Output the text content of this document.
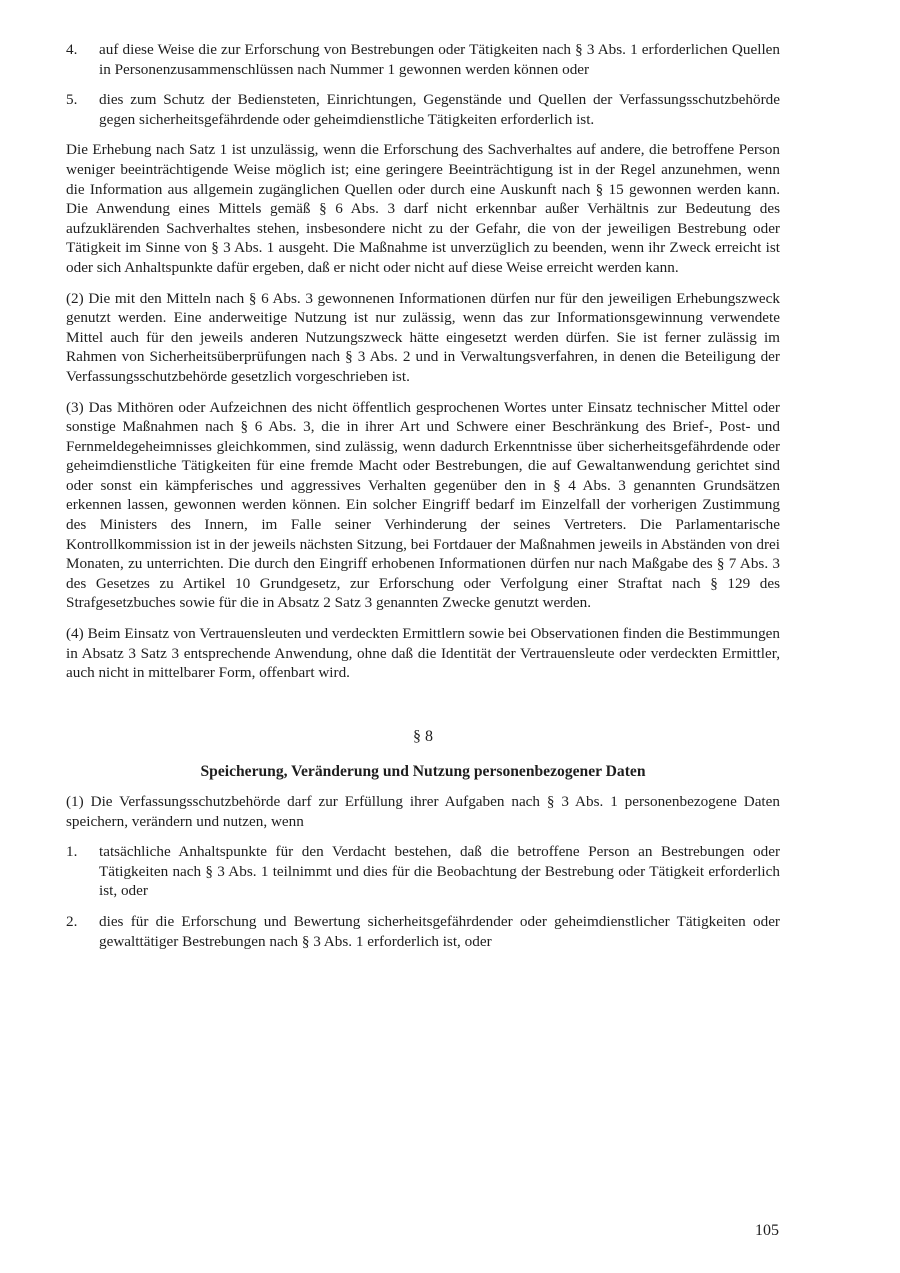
4. auf diese Weise die zur Erforschung von Bestrebungen oder Tätigkeiten nach § 3 Abs. 1 erforderlichen Quellen in Personenzusammenschlüssen nach Nummer 1 gewonnen werden können oder
5. dies zum Schutz der Bediensteten, Einrichtungen, Gegenstände und Quellen der Verfassungsschutzbehörde gegen sicherheitsgefährdende oder geheimdienstliche Tätigkeiten erforderlich ist.

Die Erhebung nach Satz 1 ist unzulässig, wenn die Erforschung des Sachverhaltes auf andere, die betroffene Person weniger beeinträchtigende Weise möglich ist; eine geringere Beeinträchtigung ist in der Regel anzunehmen, wenn die Information aus allgemein zugänglichen Quellen oder durch eine Auskunft nach § 15 gewonnen werden kann. Die Anwendung eines Mittels gemäß § 6 Abs. 3 darf nicht erkennbar außer Verhältnis zur Bedeutung des aufzuklärenden Sachverhaltes stehen, insbesondere nicht zu der Gefahr, die von der jeweiligen Bestrebung oder Tätigkeit im Sinne von § 3 Abs. 1 ausgeht. Die Maßnahme ist unverzüglich zu beenden, wenn ihr Zweck erreicht ist oder sich Anhaltspunkte dafür ergeben, daß er nicht oder nicht auf diese Weise erreicht werden kann.

(2) Die mit den Mitteln nach § 6 Abs. 3 gewonnenen Informationen dürfen nur für den jeweiligen Erhebungszweck genutzt werden. Eine anderweitige Nutzung ist nur zulässig, wenn das zur Informationsgewinnung verwendete Mittel auch für den jeweils anderen Nutzungszweck hätte eingesetzt werden dürfen. Sie ist ferner zulässig im Rahmen von Sicherheitsüberprüfungen nach § 3 Abs. 2 und in Verwaltungsverfahren, in denen die Beteiligung der Verfassungsschutzbehörde gesetzlich vorgeschrieben ist.

(3) Das Mithören oder Aufzeichnen des nicht öffentlich gesprochenen Wortes unter Einsatz technischer Mittel oder sonstige Maßnahmen nach § 6 Abs. 3, die in ihrer Art und Schwere einer Beschränkung des Brief-, Post- und Fernmeldegeheimnisses gleichkommen, sind zulässig, wenn dadurch Erkenntnisse über sicherheitsgefährdende oder geheimdienstliche Tätigkeiten für eine fremde Macht oder Bestrebungen, die auf Gewaltanwendung gerichtet sind oder sonst ein kämpferisches und aggressives Verhalten gegenüber den in § 4 Abs. 3 genannten Grundsätzen erkennen lassen, gewonnen werden können. Ein solcher Eingriff bedarf im Einzelfall der vorherigen Zustimmung des Ministers des Innern, im Falle seiner Verhinderung der seines Vertreters. Die Parlamentarische Kontrollkommission ist in der jeweils nächsten Sitzung, bei Fortdauer der Maßnahmen jeweils in Abständen von drei Monaten, zu unterrichten. Die durch den Eingriff erhobenen Informationen dürfen nur nach Maßgabe des § 7 Abs. 3 des Gesetzes zu Artikel 10 Grundgesetz, zur Erforschung oder Verfolgung einer Straftat nach § 129 des Strafgesetzbuches sowie für die in Absatz 2 Satz 3 genannten Zwecke genutzt werden.

(4) Beim Einsatz von Vertrauensleuten und verdeckten Ermittlern sowie bei Observationen finden die Bestimmungen in Absatz 3 Satz 3 entsprechende Anwendung, ohne daß die Identität der Vertrauensleute oder verdeckten Ermittler, auch nicht in mittelbarer Form, offenbart wird.

§ 8
Speicherung, Veränderung und Nutzung personenbezogener Daten

(1) Die Verfassungsschutzbehörde darf zur Erfüllung ihrer Aufgaben nach § 3 Abs. 1 personenbezogene Daten speichern, verändern und nutzen, wenn

1. tatsächliche Anhaltspunkte für den Verdacht bestehen, daß die betroffene Person an Bestrebungen oder Tätigkeiten nach § 3 Abs. 1 teilnimmt und dies für die Beobachtung der Bestrebung oder Tätigkeit erforderlich ist, oder
2. dies für die Erforschung und Bewertung sicherheitsgefährdender oder geheimdienstlicher Tätigkeiten oder gewalttätiger Bestrebungen nach § 3 Abs. 1 erforderlich ist, oder
105
